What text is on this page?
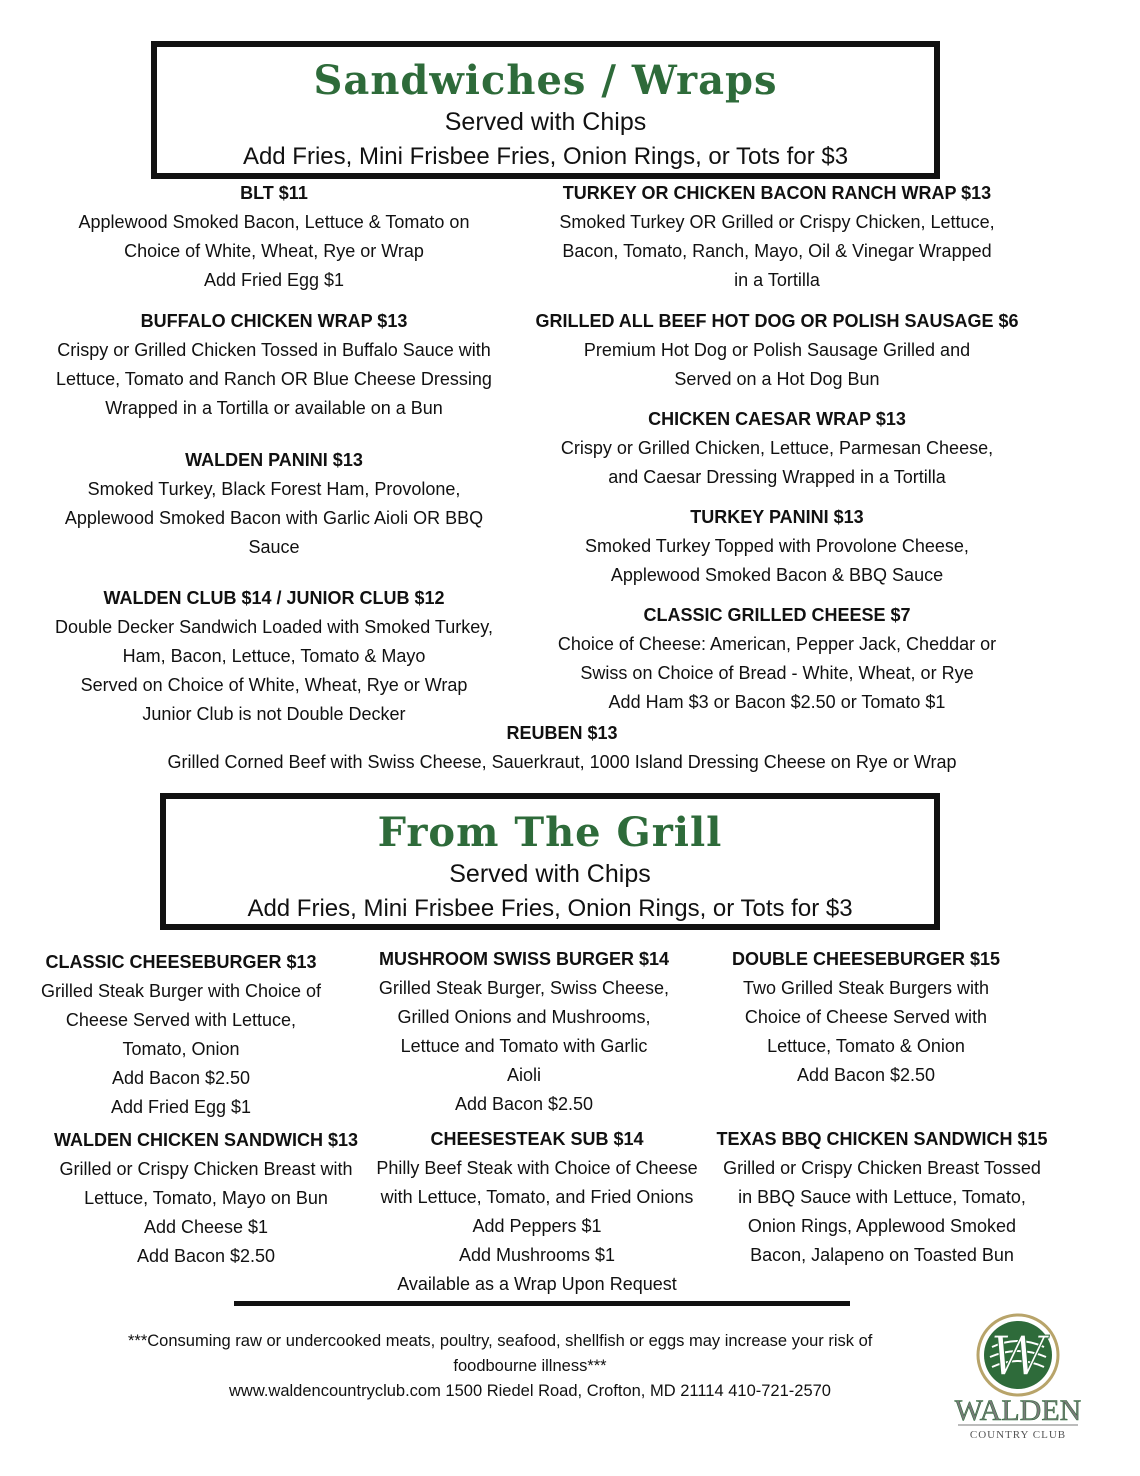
Sandwiches / Wraps
Served with Chips
Add Fries, Mini Frisbee Fries, Onion Rings, or Tots for $3
BLT $11
Applewood Smoked Bacon, Lettuce & Tomato on
Choice of White, Wheat, Rye or Wrap
Add Fried Egg $1
BUFFALO CHICKEN WRAP $13
Crispy or Grilled Chicken Tossed in Buffalo Sauce with
Lettuce, Tomato and Ranch OR Blue Cheese Dressing
Wrapped in a Tortilla or available on a Bun
WALDEN PANINI $13
Smoked Turkey, Black Forest Ham, Provolone,
Applewood Smoked Bacon with Garlic Aioli OR BBQ
Sauce
WALDEN CLUB $14 / JUNIOR CLUB $12
Double Decker Sandwich Loaded with Smoked Turkey,
Ham, Bacon, Lettuce, Tomato & Mayo
Served on Choice of White, Wheat, Rye or Wrap
Junior Club is not Double Decker
TURKEY OR CHICKEN BACON RANCH WRAP $13
Smoked Turkey OR Grilled or Crispy Chicken, Lettuce,
Bacon, Tomato, Ranch, Mayo, Oil & Vinegar Wrapped
in a Tortilla
GRILLED ALL BEEF HOT DOG OR POLISH SAUSAGE $6
Premium Hot Dog or Polish Sausage Grilled and
Served on a Hot Dog Bun
CHICKEN CAESAR WRAP $13
Crispy or Grilled Chicken, Lettuce, Parmesan Cheese,
and Caesar Dressing Wrapped in a Tortilla
TURKEY PANINI $13
Smoked Turkey Topped with Provolone Cheese,
Applewood Smoked Bacon & BBQ Sauce
CLASSIC GRILLED CHEESE $7
Choice of Cheese: American, Pepper Jack, Cheddar or
Swiss on Choice of Bread - White, Wheat, or Rye
Add Ham $3 or Bacon $2.50 or Tomato $1
REUBEN $13
Grilled Corned Beef with Swiss Cheese, Sauerkraut, 1000 Island Dressing Cheese on Rye or Wrap
From The Grill
Served with Chips
Add Fries, Mini Frisbee Fries, Onion Rings, or Tots for $3
CLASSIC CHEESEBURGER $13
Grilled Steak Burger with Choice of
Cheese Served with Lettuce,
Tomato, Onion
Add Bacon $2.50
Add Fried Egg $1
MUSHROOM SWISS BURGER $14
Grilled Steak Burger, Swiss Cheese,
Grilled Onions and Mushrooms,
Lettuce and Tomato with Garlic
Aioli
Add Bacon $2.50
DOUBLE CHEESEBURGER $15
Two Grilled Steak Burgers with
Choice of Cheese Served with
Lettuce, Tomato & Onion
Add Bacon $2.50
WALDEN CHICKEN SANDWICH $13
Grilled or Crispy Chicken Breast with
Lettuce, Tomato, Mayo on Bun
Add Cheese $1
Add Bacon $2.50
CHEESESTEAK SUB $14
Philly Beef Steak with Choice of Cheese
with Lettuce, Tomato, and Fried Onions
Add Peppers $1
Add Mushrooms $1
Available as a Wrap Upon Request
TEXAS BBQ CHICKEN SANDWICH $15
Grilled or Crispy Chicken Breast Tossed
in BBQ Sauce with Lettuce, Tomato,
Onion Rings, Applewood Smoked
Bacon, Jalapeno on Toasted Bun
***Consuming raw or undercooked meats, poultry, seafood, shellfish or eggs may increase your risk of
foodbourne illness***
www.waldencountryclub.com 1500 Riedel Road, Crofton, MD 21114 410-721-2570
W
WALDEN
COUNTRY CLUB
